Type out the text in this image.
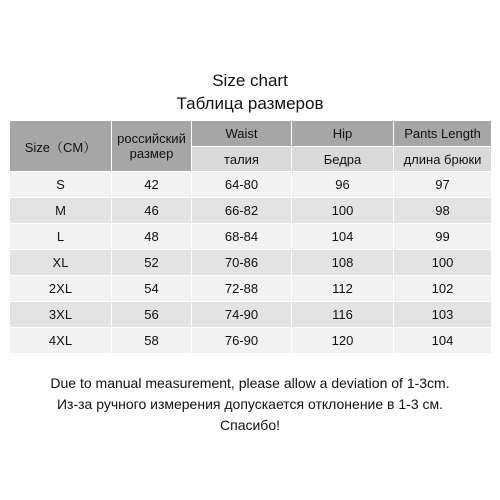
Size chart
Таблица размеров
Size（CM）	российский размер	Waist	Hip	Pants Length
		талия	Бедра	длина брюки
S	42	64-80	96	97
M	46	66-82	100	98
L	48	68-84	104	99
XL	52	70-86	108	100
2XL	54	72-88	112	102
3XL	56	74-90	116	103
4XL	58	76-90	120	104
Due to manual measurement, please allow a deviation of 1-3cm.
Из-за ручного измерения допускается отклонение в 1-3 см.
Спасибо!
